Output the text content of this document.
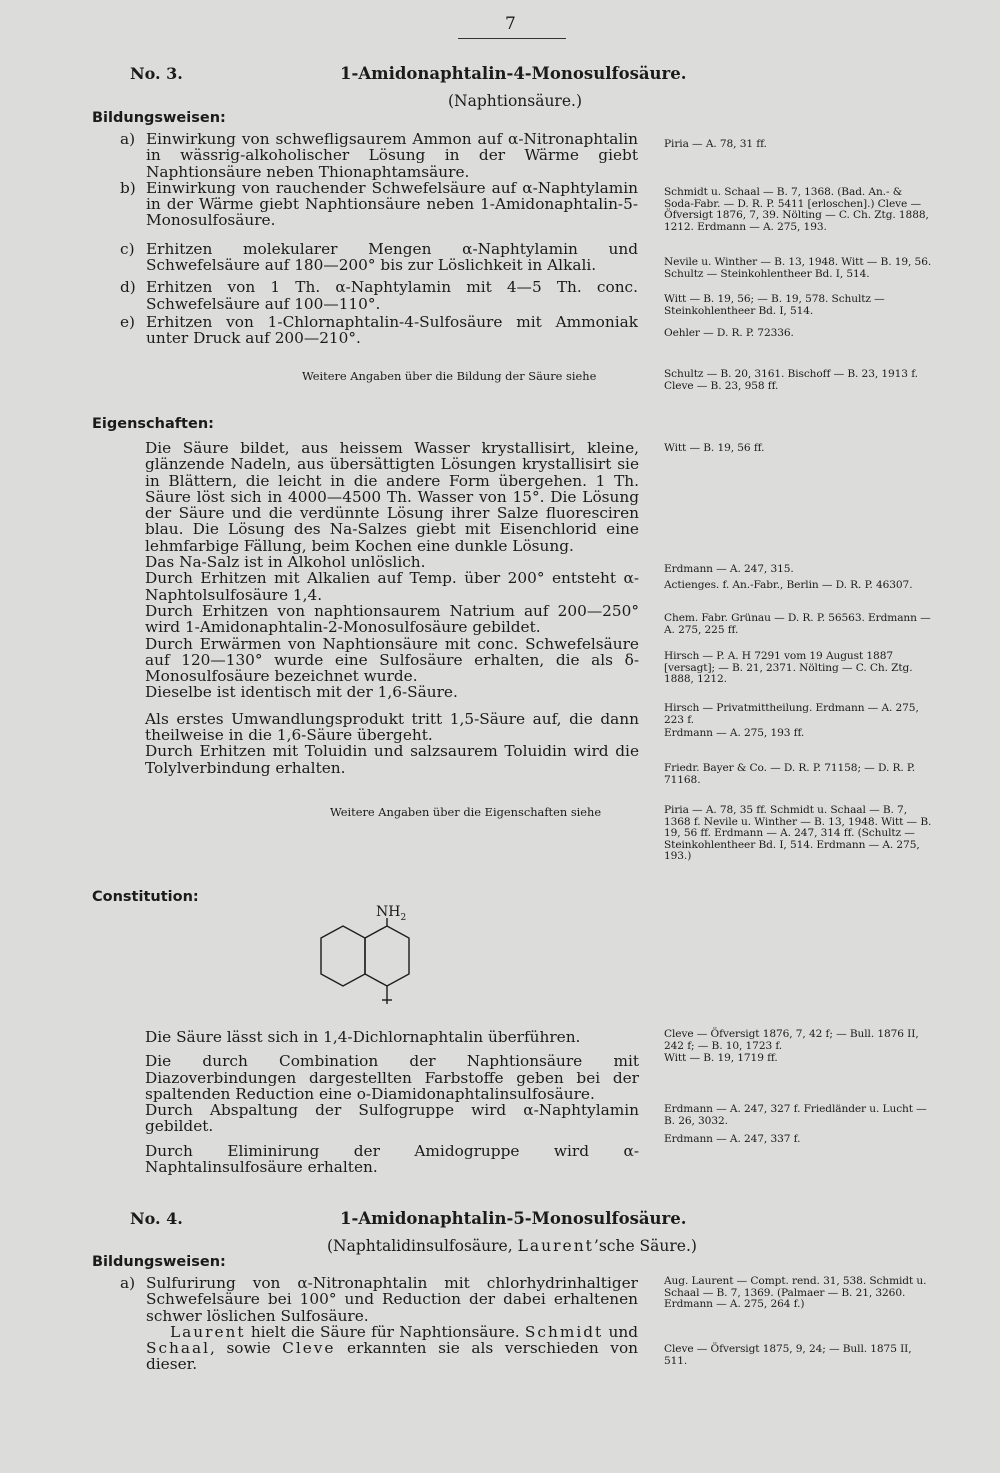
7
No. 3.	1-Amidonaphtalin-4-Monosulfosäure.
(Naphtionsäure.)
Bildungsweisen:
a) Einwirkung von schwefligsaurem Ammon auf α-Nitronaphtalin in wässrig-alkoholischer Lösung in der Wärme giebt Naphtionsäure neben Thionaphtamsäure.
b) Einwirkung von rauchender Schwefelsäure auf α-Naphtylamin in der Wärme giebt Naphtionsäure neben 1-Amidonaphtalin-5-Monosulfosäure.
c) Erhitzen molekularer Mengen α-Naphtylamin und Schwefelsäure auf 180—200° bis zur Löslichkeit in Alkali.
d) Erhitzen von 1 Th. α-Naphtylamin mit 4—5 Th. conc. Schwefelsäure auf 100—110°.
e) Erhitzen von 1-Chlornaphtalin-4-Sulfosäure mit Ammoniak unter Druck auf 200—210°.
Weitere Angaben über die Bildung der Säure siehe
Piria — A. 78, 31 ff.
Schmidt u. Schaal — B. 7, 1368. (Bad. An.- & Soda-Fabr. — D. R. P. 5411 [erloschen].) Cleve — Öfversigt 1876, 7, 39. Nölting — C. Ch. Ztg. 1888, 1212. Erdmann — A. 275, 193.
Nevile u. Winther — B. 13, 1948. Witt — B. 19, 56. Schultz — Steinkohlentheer Bd. I, 514.
Witt — B. 19, 56; — B. 19, 578. Schultz — Steinkohlentheer Bd. I, 514.
Oehler — D. R. P. 72336.
Schultz — B. 20, 3161. Bischoff — B. 23, 1913 f. Cleve — B. 23, 958 ff.
Eigenschaften:

Die Säure bildet, aus heissem Wasser krystallisirt, kleine, glänzende Nadeln, aus übersättigten Lösungen krystallisirt sie in Blättern, die leicht in die andere Form übergehen. 1 Th. Säure löst sich in 4000—4500 Th. Wasser von 15°. Die Lösung der Säure und die verdünnte Lösung ihrer Salze fluoresciren blau. Die Lösung des Na-Salzes giebt mit Eisenchlorid eine lehmfarbige Fällung, beim Kochen eine dunkle Lösung.

Das Na-Salz ist in Alkohol unlöslich.

Durch Erhitzen mit Alkalien auf Temp. über 200° entsteht α-Naphtolsulfosäure 1,4.

Durch Erhitzen von naphtionsaurem Natrium auf 200—250° wird 1-Amidonaphtalin-2-Monosulfosäure gebildet.

Durch Erwärmen von Naphtionsäure mit conc. Schwefelsäure auf 120—130° wurde eine Sulfosäure erhalten, die als δ-Monosulfosäure bezeichnet wurde.

Dieselbe ist identisch mit der 1,6-Säure.

Als erstes Umwandlungsprodukt tritt 1,5-Säure auf, die dann theilweise in die 1,6-Säure übergeht.

Durch Erhitzen mit Toluidin und salzsaurem Toluidin wird die Tolylverbindung erhalten.

Weitere Angaben über die Eigenschaften siehe
Witt — B. 19, 56 ff.
Erdmann — A. 247, 315.
Actienges. f. An.-Fabr., Berlin — D. R. P. 46307.
Chem. Fabr. Grünau — D. R. P. 56563. Erdmann — A. 275, 225 ff.
Hirsch — P. A. H 7291 vom 19 August 1887 [versagt]; — B. 21, 2371. Nölting — C. Ch. Ztg. 1888, 1212.
Hirsch — Privatmittheilung. Erdmann — A. 275, 223 f.
Erdmann — A. 275, 193 ff.
Friedr. Bayer & Co. — D. R. P. 71158; — D. R. P. 71168.
Piria — A. 78, 35 ff. Schmidt u. Schaal — B. 7, 1368 f. Nevile u. Winther — B. 13, 1948. Witt — B. 19, 56 ff. Erdmann — A. 247, 314 ff. (Schultz — Steinkohlentheer Bd. I, 514. Erdmann — A. 275, 193.)
Constitution:
$NH_2$

Die Säure lässt sich in 1,4-Dichlornaphtalin überführen.

Die durch Combination der Naphtionsäure mit Diazoverbindungen dargestellten Farbstoffe geben bei der spaltenden Reduction eine o-Diamidonaphtalinsulfosäure.

Durch Abspaltung der Sulfogruppe wird α-Naphtylamin gebildet.

Durch Eliminirung der Amidogruppe wird α-Naphtalinsulfosäure erhalten.

Cleve — Öfversigt 1876, 7, 42 f; — Bull. 1876 II, 242 f; — B. 10, 1723 f.
Witt — B. 19, 1719 ff.
Erdmann — A. 247, 327 f. Friedländer u. Lucht — B. 26, 3032.
Erdmann — A. 247, 337 f.
No. 4.	1-Amidonaphtalin-5-Monosulfosäure.
(Naphtalidinsulfosäure, Laurent’sche Säure.)
Bildungsweisen:
a) Sulfurirung von α-Nitronaphtalin mit chlorhydrinhaltiger Schwefelsäure bei 100° und Reduction der dabei erhaltenen schwer löslichen Sulfosäure.

Laurent hielt die Säure für Naphtionsäure. Schmidt und Schaal, sowie Cleve erkannten sie als verschieden von dieser.

Aug. Laurent — Compt. rend. 31, 538. Schmidt u. Schaal — B. 7, 1369. (Palmaer — B. 21, 3260. Erdmann — A. 275, 264 f.)
Cleve — Öfversigt 1875, 9, 24; — Bull. 1875 II, 511.
